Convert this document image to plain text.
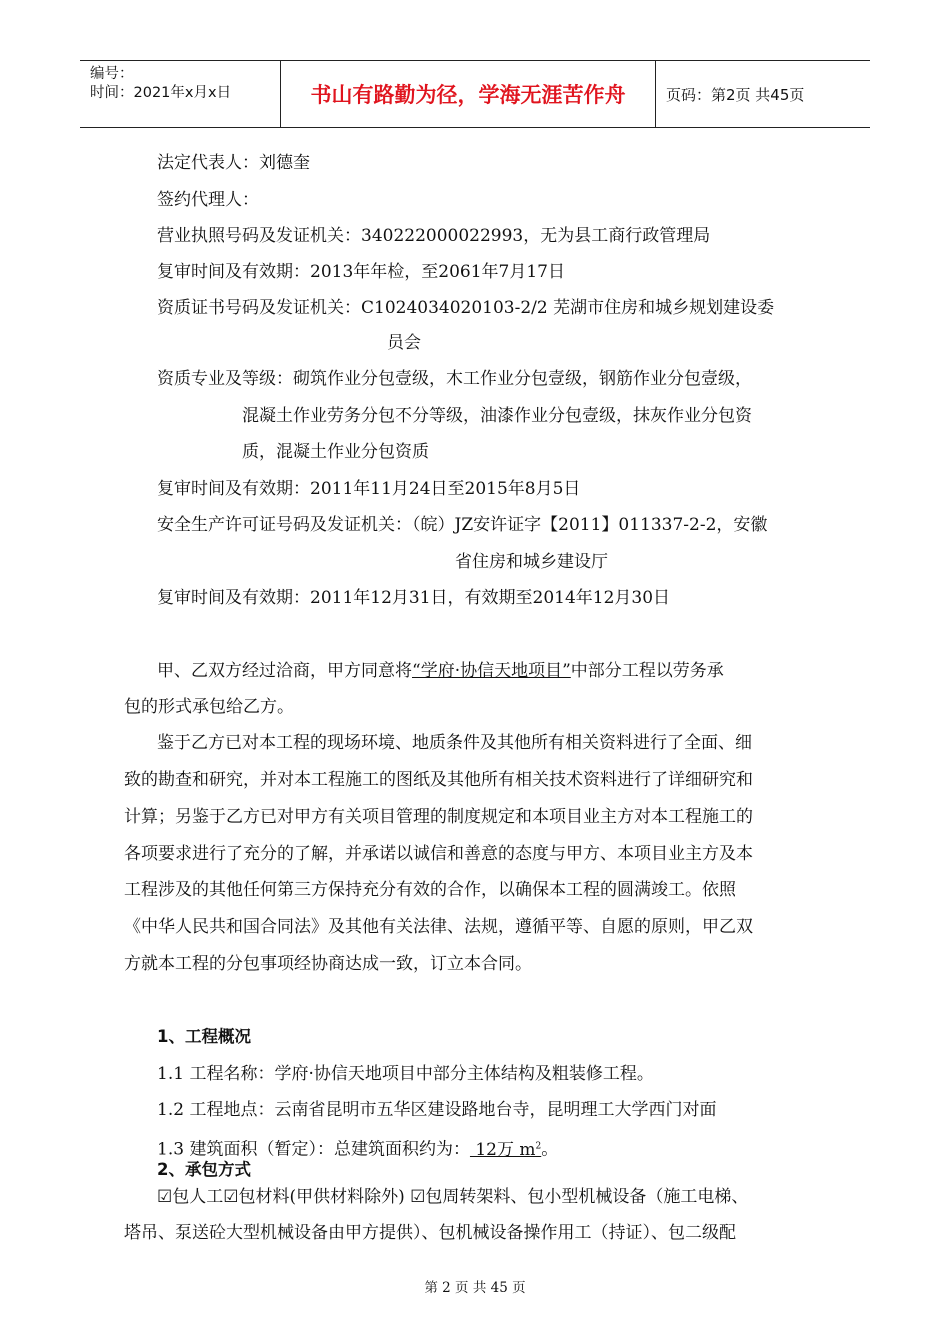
编号：
时间：2021年x月x日	书山有路勤为径，学海无涯苦作舟	页码：第2页 共45页
法定代表人：刘德奎
签约代理人：
营业执照号码及发证机关：340222000022993，无为县工商行政管理局
复审时间及有效期：2013年年检，至2061年7月17日
资质证书号码及发证机关：C1024034020103-2/2 芜湖市住房和城乡规划建设委
员会
资质专业及等级：砌筑作业分包壹级，木工作业分包壹级，钢筋作业分包壹级，
混凝土作业劳务分包不分等级，油漆作业分包壹级，抹灰作业分包资
质，混凝土作业分包资质
复审时间及有效期：2011年11月24日至2015年8月5日
安全生产许可证号码及发证机关：（皖）JZ安许证字【2011】011337-2-2，安徽
省住房和城乡建设厅
复审时间及有效期：2011年12月31日，有效期至2014年12月30日
甲、乙双方经过洽商，甲方同意将“学府·协信天地项目”中部分工程以劳务承
包的形式承包给乙方。
鉴于乙方已对本工程的现场环境、地质条件及其他所有相关资料进行了全面、细
致的勘查和研究，并对本工程施工的图纸及其他所有相关技术资料进行了详细研究和
计算；另鉴于乙方已对甲方有关项目管理的制度规定和本项目业主方对本工程施工的
各项要求进行了充分的了解，并承诺以诚信和善意的态度与甲方、本项目业主方及本
工程涉及的其他任何第三方保持充分有效的合作，以确保本工程的圆满竣工。依照
《中华人民共和国合同法》及其他有关法律、法规，遵循平等、自愿的原则，甲乙双
方就本工程的分包事项经协商达成一致，订立本合同。
1、工程概况
1.1 工程名称：学府·协信天地项目中部分主体结构及粗装修工程。
1.2 工程地点：云南省昆明市五华区建设路地台寺，昆明理工大学西门对面
1.3 建筑面积（暂定）：总建筑面积约为： 12万 $m^2$。
2、承包方式
☑包人工☑包材料(甲供材料除外) ☑包周转架料、包小型机械设备（施工电梯、
塔吊、泵送砼大型机械设备由甲方提供）、包机械设备操作用工（持证）、包二级配
第 2 页 共 45 页
